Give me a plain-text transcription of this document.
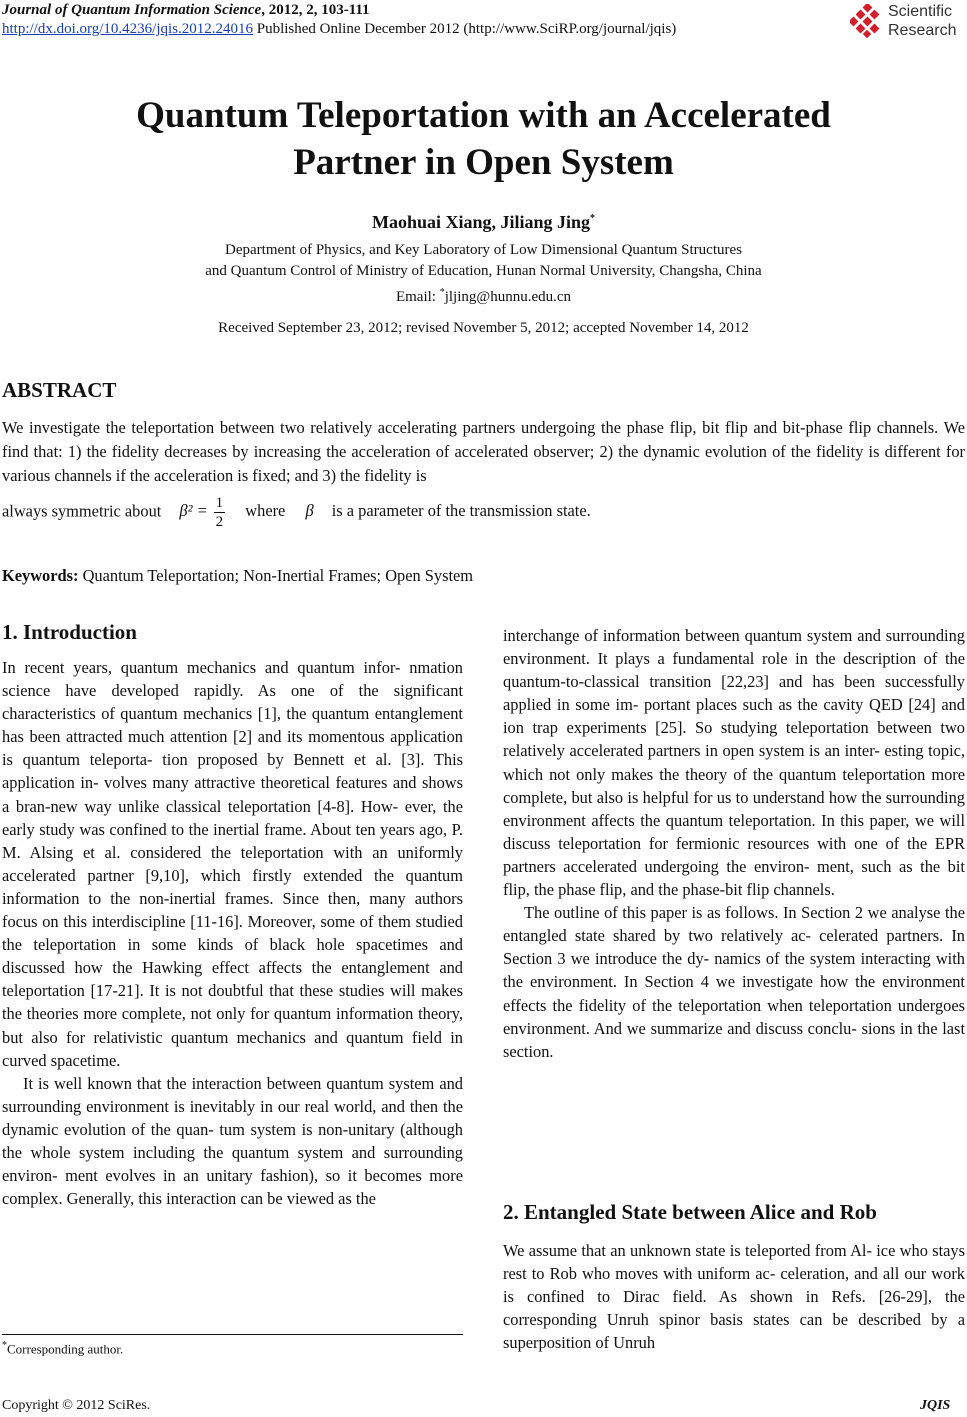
Journal of Quantum Information Science, 2012, 2, 103-111
http://dx.doi.org/10.4236/jqis.2012.24016 Published Online December 2012 (http://www.SciRP.org/journal/jqis)
Scientific
Research
Quantum Teleportation with an Accelerated
Partner in Open System
Maohuai Xiang, Jiliang Jing*
Department of Physics, and Key Laboratory of Low Dimensional Quantum Structures
and Quantum Control of Ministry of Education, Hunan Normal University, Changsha, China
Email: *jljing@hunnu.edu.cn
Received September 23, 2012; revised November 5, 2012; accepted November 14, 2012
ABSTRACT
We investigate the teleportation between two relatively accelerating partners undergoing the phase flip, bit flip and bit-phase flip channels. We find that: 1) the fidelity decreases by increasing the acceleration of accelerated observer; 2) the dynamic evolution of the fidelity is different for various channels if the acceleration is fixed; and 3) the fidelity is
always symmetric about $\beta^2 = \frac{1}{2}$ where β is a parameter of the transmission state.
Keywords: Quantum Teleportation; Non-Inertial Frames; Open System
1. Introduction

In recent years, quantum mechanics and quantum infor- nmation science have developed rapidly. As one of the significant characteristics of quantum mechanics [1], the quantum entanglement has been attracted much attention [2] and its momentous application is quantum teleporta- tion proposed by Bennett et al. [3]. This application in- volves many attractive theoretical features and shows a bran-new way unlike classical teleportation [4-8]. How- ever, the early study was confined to the inertial frame. About ten years ago, P. M. Alsing et al. considered the teleportation with an uniformly accelerated partner [9,10], which firstly extended the quantum information to the non-inertial frames. Since then, many authors focus on this interdiscipline [11-16]. Moreover, some of them studied the teleportation in some kinds of black hole spacetimes and discussed how the Hawking effect affects the entanglement and teleportation [17-21]. It is not doubtful that these studies will makes the theories more complete, not only for quantum information theory, but also for relativistic quantum mechanics and quantum field in curved spacetime.

It is well known that the interaction between quantum system and surrounding environment is inevitably in our real world, and then the dynamic evolution of the quan- tum system is non-unitary (although the whole system including the quantum system and surrounding environ- ment evolves in an unitary fashion), so it becomes more complex. Generally, this interaction can be viewed as the

interchange of information between quantum system and surrounding environment. It plays a fundamental role in the description of the quantum-to-classical transition [22,23] and has been successfully applied in some im- portant places such as the cavity QED [24] and ion trap experiments [25]. So studying teleportation between two relatively accelerated partners in open system is an inter- esting topic, which not only makes the theory of the quantum teleportation more complete, but also is helpful for us to understand how the surrounding environment affects the quantum teleportation. In this paper, we will discuss teleportation for fermionic resources with one of the EPR partners accelerated undergoing the environ- ment, such as the bit flip, the phase flip, and the phase-bit flip channels.

The outline of this paper is as follows. In Section 2 we analyse the entangled state shared by two relatively ac- celerated partners. In Section 3 we introduce the dy- namics of the system interacting with the environment. In Section 4 we investigate how the environment effects the fidelity of the teleportation when teleportation undergoes environment. And we summarize and discuss conclu- sions in the last section.

2. Entangled State between Alice and Rob

We assume that an unknown state is teleported from Al- ice who stays rest to Rob who moves with uniform ac- celeration, and all our work is confined to Dirac field. As shown in Refs. [26-29], the corresponding Unruh spinor basis states can be described by a superposition of Unruh

*Corresponding author.
Copyright © 2012 SciRes.	JQIS
